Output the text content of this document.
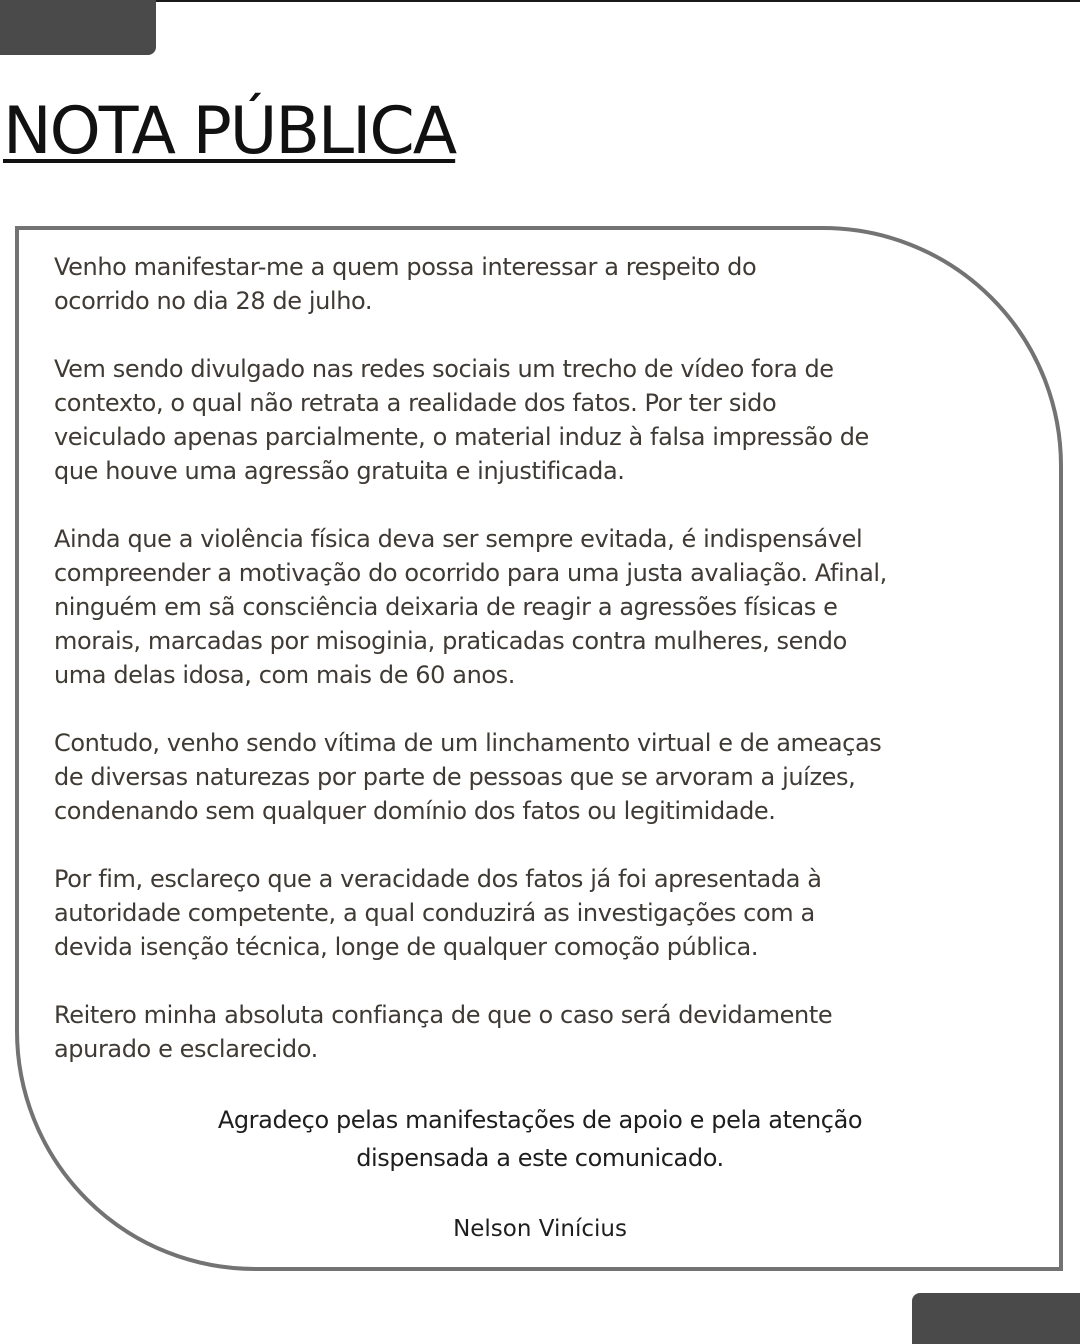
NOTA PÚBLICA

Venho manifestar-me a quem possa interessar a respeito do
ocorrido no dia 28 de julho.

Vem sendo divulgado nas redes sociais um trecho de vídeo fora de
contexto, o qual não retrata a realidade dos fatos. Por ter sido
veiculado apenas parcialmente, o material induz à falsa impressão de
que houve uma agressão gratuita e injustificada.

Ainda que a violência física deva ser sempre evitada, é indispensável
compreender a motivação do ocorrido para uma justa avaliação. Afinal,
ninguém em sã consciência deixaria de reagir a agressões físicas e
morais, marcadas por misoginia, praticadas contra mulheres, sendo
uma delas idosa, com mais de 60 anos.

Contudo, venho sendo vítima de um linchamento virtual e de ameaças
de diversas naturezas por parte de pessoas que se arvoram a juízes,
condenando sem qualquer domínio dos fatos ou legitimidade.

Por fim, esclareço que a veracidade dos fatos já foi apresentada à
autoridade competente, a qual conduzirá as investigações com a
devida isenção técnica, longe de qualquer comoção pública.

Reitero minha absoluta confiança de que o caso será devidamente
apurado e esclarecido.

Agradeço pelas manifestações de apoio e pela atenção
dispensada a este comunicado.

Nelson Vinícius
